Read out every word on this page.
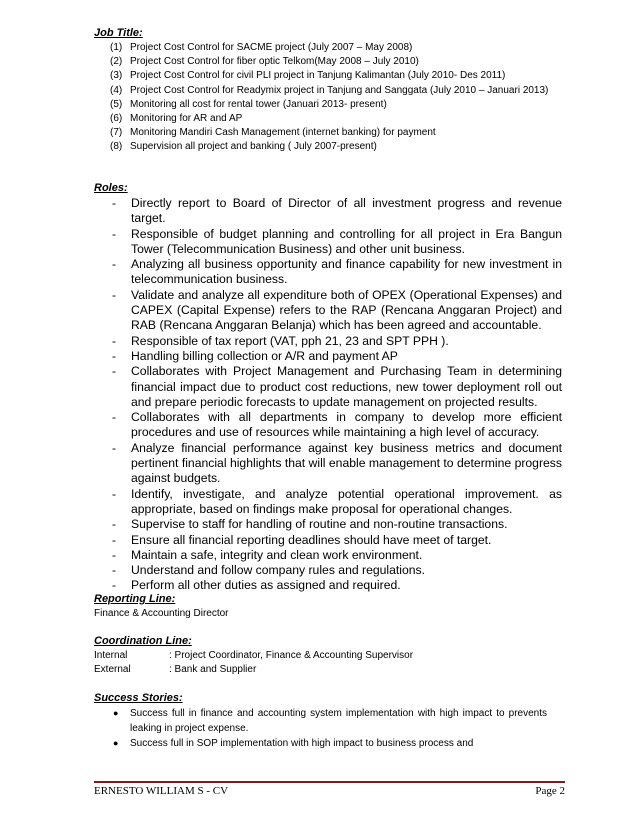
Job Title:
(1) Project Cost Control for SACME project (July 2007 – May 2008)
(2) Project Cost Control for fiber optic Telkom(May 2008 – July 2010)
(3) Project Cost Control for civil PLI project in Tanjung Kalimantan (July 2010- Des 2011)
(4) Project Cost Control for Readymix project in Tanjung and Sanggata (July 2010 – Januari 2013)
(5) Monitoring all cost for rental tower (Januari 2013- present)
(6) Monitoring for AR and AP
(7) Monitoring Mandiri Cash Management (internet banking) for payment
(8) Supervision all project and banking ( July 2007-present)
Roles:
-	Directly report to Board of Director of all investment progress and revenue target.
-	Responsible of budget planning and controlling for all project in Era Bangun Tower (Telecommunication Business) and other unit business.
-	Analyzing all business opportunity and finance capability for new investment in telecommunication business.
-	Validate and analyze all expenditure both of OPEX (Operational Expenses) and CAPEX (Capital Expense) refers to the RAP (Rencana Anggaran Project) and RAB (Rencana Anggaran Belanja) which has been agreed and accountable.
-	Responsible of tax report (VAT, pph 21, 23 and SPT PPH ).
-	Handling billing collection or A/R and payment AP
-	Collaborates with Project Management and Purchasing Team in determining financial impact due to product cost reductions, new tower deployment roll out and prepare periodic forecasts to update management on projected results.
-	Collaborates with all departments in company to develop more efficient procedures and use of resources while maintaining a high level of accuracy.
-	Analyze financial performance against key business metrics and document pertinent financial highlights that will enable management to determine progress against budgets.
-	Identify, investigate, and analyze potential operational improvement. as appropriate, based on findings make proposal for operational changes.
-	Supervise to staff for handling of routine and non-routine transactions.
-	Ensure all financial reporting deadlines should have meet of target.
-	Maintain a safe, integrity and clean work environment.
-	Understand and follow company rules and regulations.
-	Perform all other duties as assigned and required.
Reporting Line:
Finance & Accounting Director
Coordination Line:
Internal	: Project Coordinator, Finance & Accounting Supervisor
External	: Bank and Supplier
Success Stories:
●	Success full in finance and accounting system implementation with high impact to prevents leaking in project expense.
●	Success full in SOP implementation with high impact to business process and
ERNESTO WILLIAM S - CV	Page 2
